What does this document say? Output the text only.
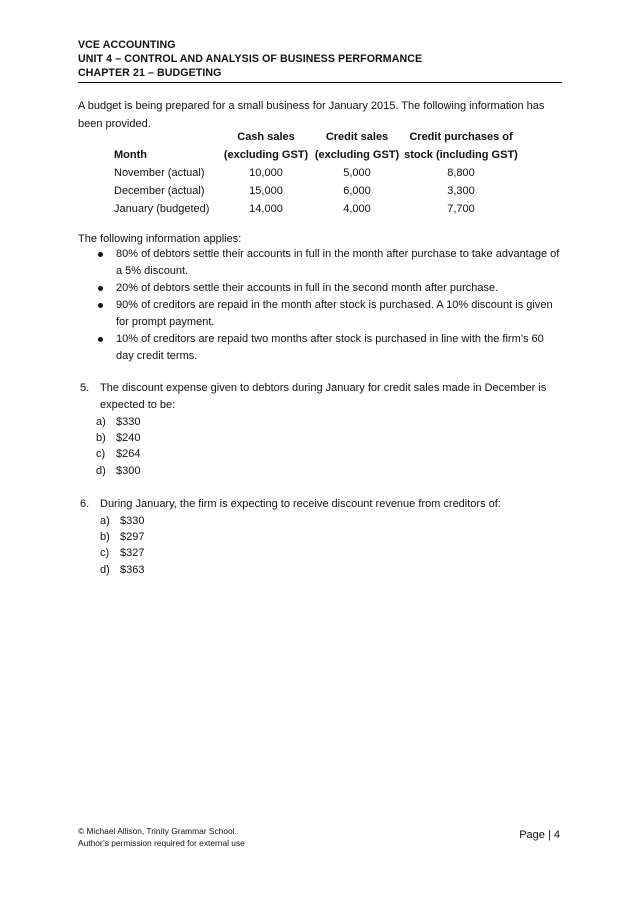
VCE ACCOUNTING
UNIT 4 – CONTROL AND ANALYSIS OF BUSINESS PERFORMANCE
CHAPTER 21 – BUDGETING
A budget is being prepared for a small business for January 2015. The following information has been provided.
	Cash sales	Credit sales	Credit purchases of
Month	(excluding GST)	(excluding GST)	stock (including GST)
November (actual)	10,000	5,000	8,800
December (actual)	15,000	6,000	3,300
January (budgeted)	14,000	4,000	7,700
The following information applies:
80% of debtors settle their accounts in full in the month after purchase to take advantage of a 5% discount.
20% of debtors settle their accounts in full in the second month after purchase.
90% of creditors are repaid in the month after stock is purchased. A 10% discount is given for prompt payment.
10% of creditors are repaid two months after stock is purchased in line with the firm’s 60 day credit terms.
5. The discount expense given to debtors during January for credit sales made in December is expected to be:
a) $330
b) $240
c) $264
d) $300
6. During January, the firm is expecting to receive discount revenue from creditors of:
a) $330
b) $297
c) $327
d) $363
© Michael Allison, Trinity Grammar School.
Author’s permission required for external use
Page | 4
